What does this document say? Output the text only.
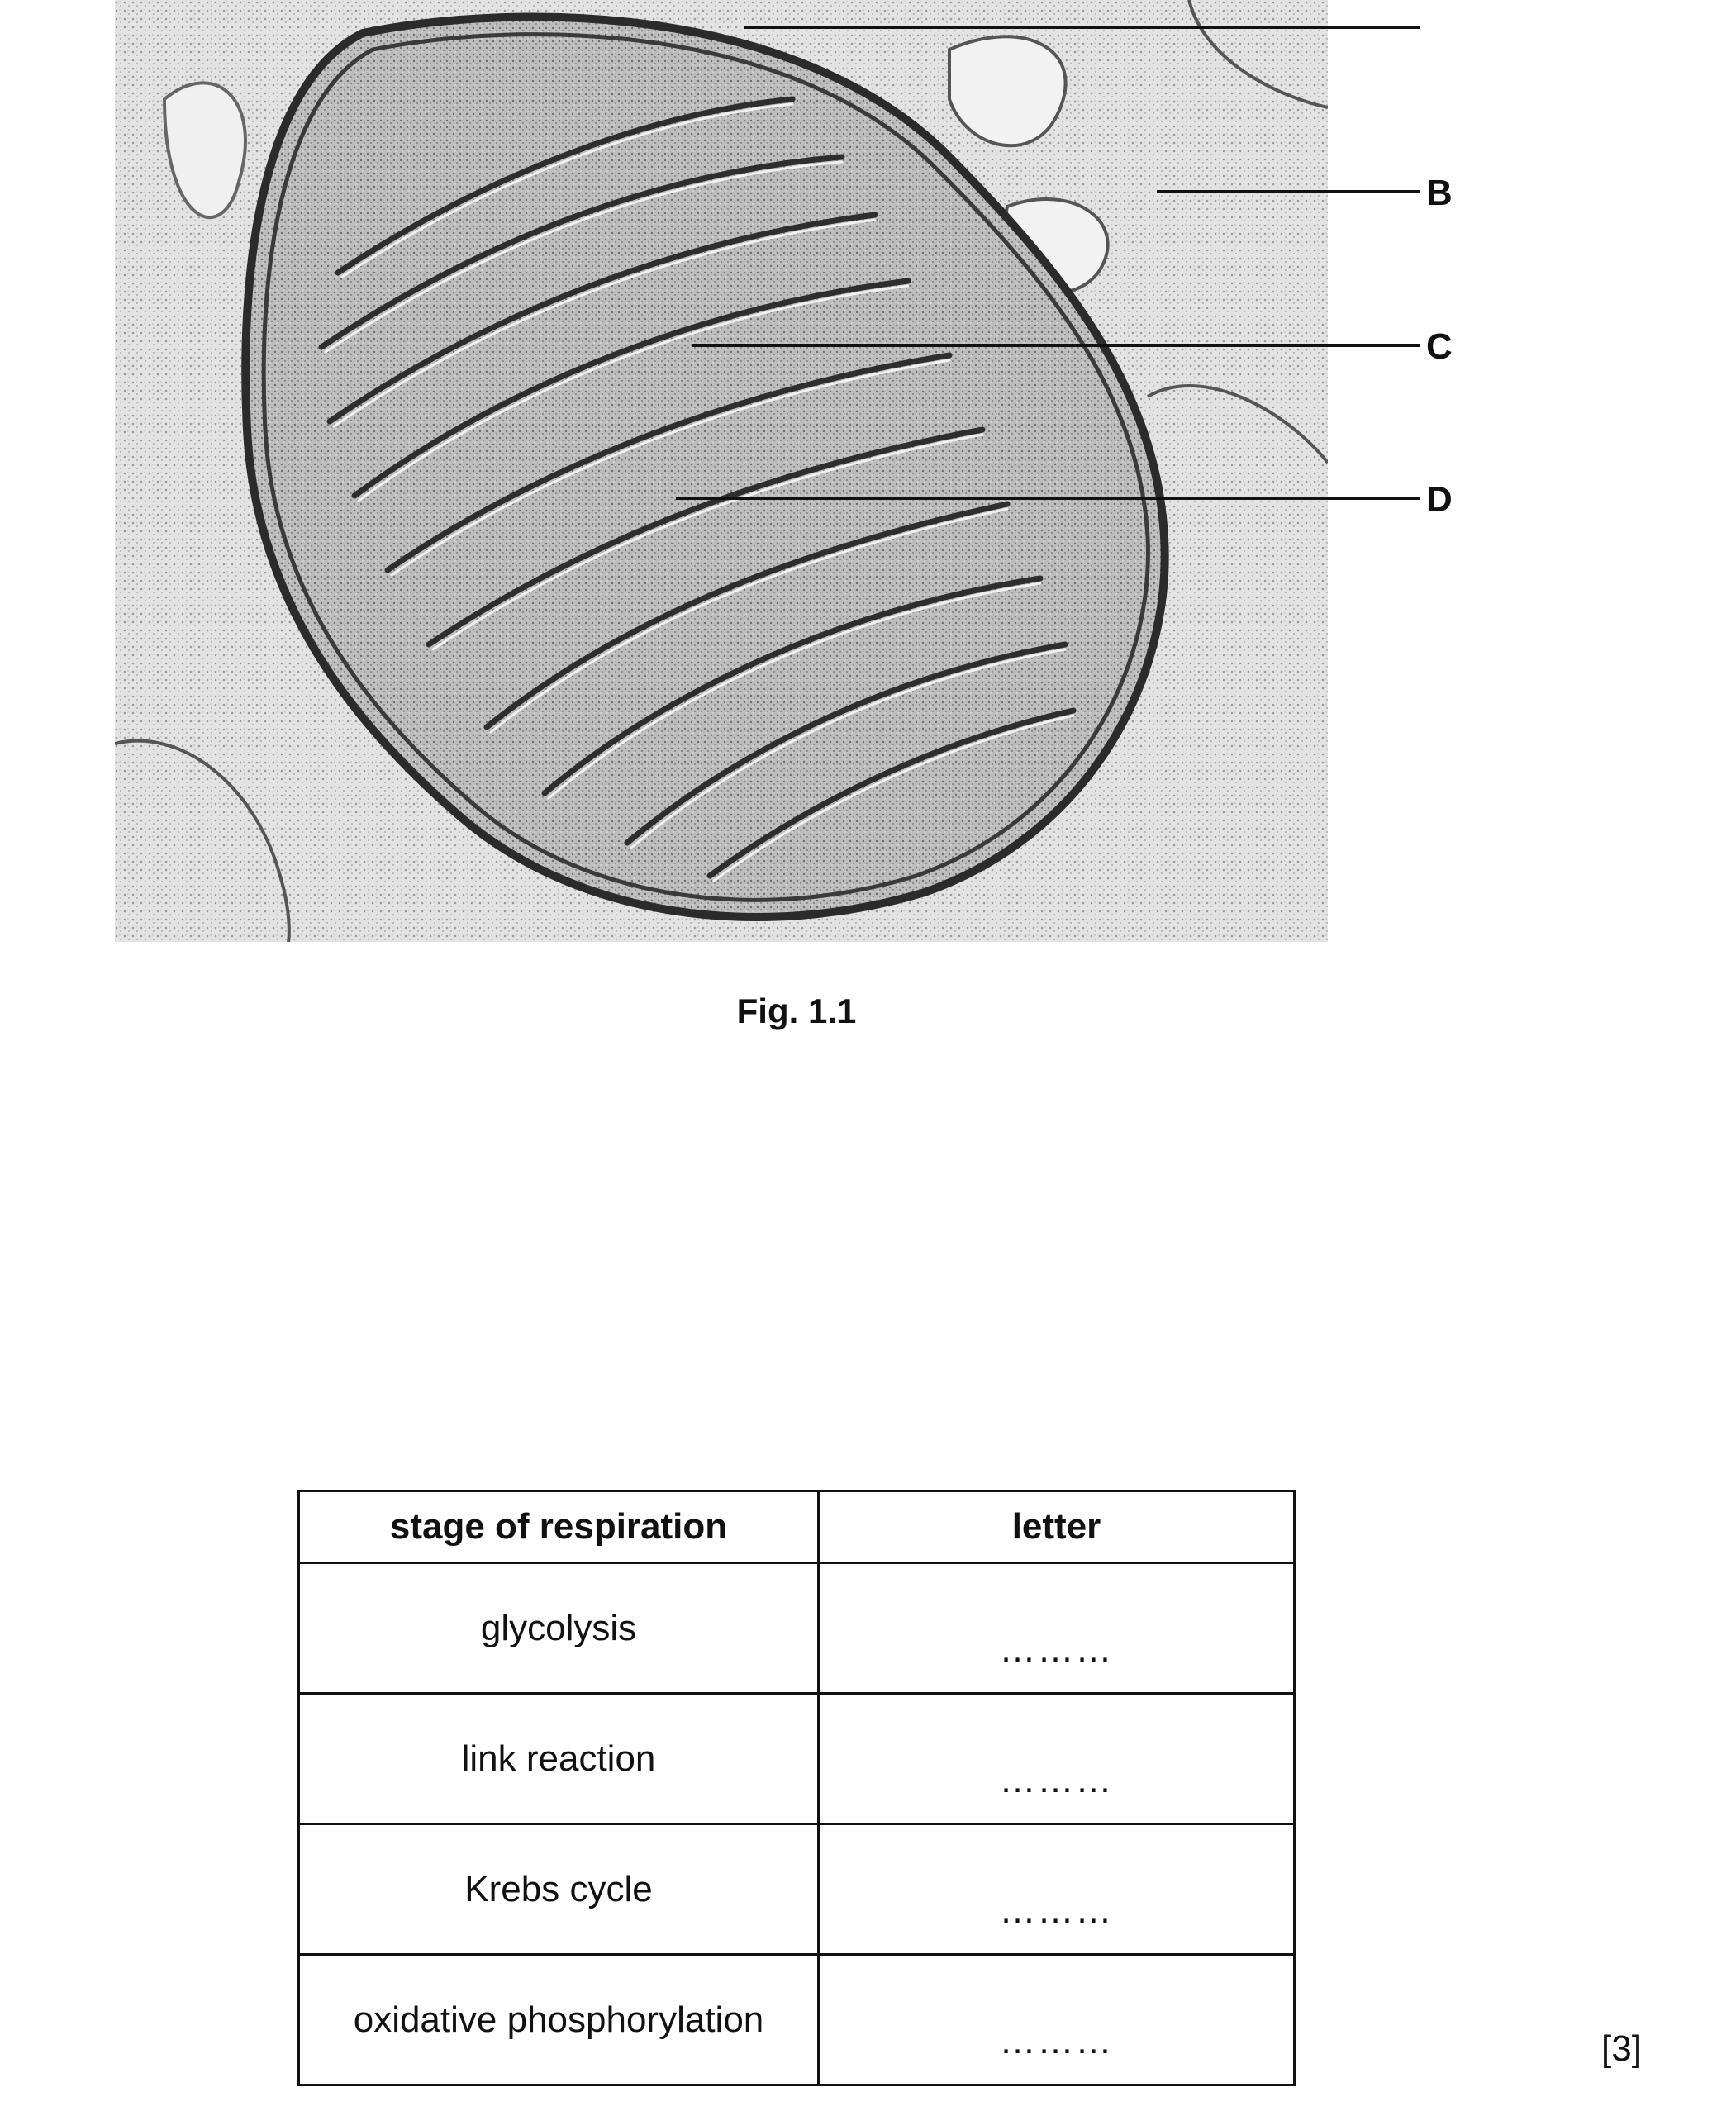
B
C
D
Fig. 1.1
stage of respiration	letter
glycolysis	………
link reaction	………
Krebs cycle	………
oxidative phosphorylation	………	[3]
